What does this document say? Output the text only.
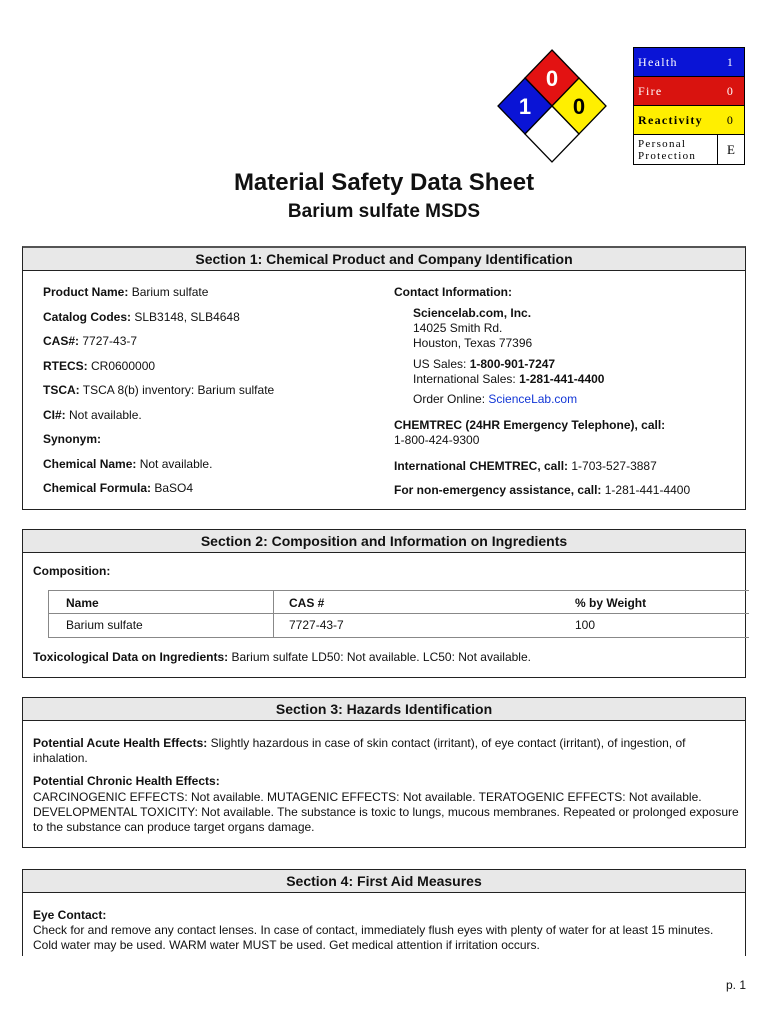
0
1 0
Health	1
Fire	0
Reactivity	0
Personal
Protection	E
Material Safety Data Sheet
Barium sulfate MSDS
Section 1: Chemical Product and Company Identification
Product Name: Barium sulfate
Catalog Codes: SLB3148, SLB4648
CAS#: 7727-43-7
RTECS: CR0600000
TSCA: TSCA 8(b) inventory: Barium sulfate
CI#: Not available.
Synonym:
Chemical Name: Not available.
Chemical Formula: BaSO4
Contact Information:
Sciencelab.com, Inc.
14025 Smith Rd.
Houston, Texas 77396
US Sales: 1-800-901-7247
International Sales: 1-281-441-4400
Order Online: ScienceLab.com
CHEMTREC (24HR Emergency Telephone), call:
1-800-424-9300
International CHEMTREC, call: 1-703-527-3887
For non-emergency assistance, call: 1-281-441-4400
Section 2: Composition and Information on Ingredients
Composition:
Name	CAS #	% by Weight
Barium sulfate	7727-43-7	100
Toxicological Data on Ingredients: Barium sulfate LD50: Not available. LC50: Not available.
Section 3: Hazards Identification
Potential Acute Health Effects: Slightly hazardous in case of skin contact (irritant), of eye contact (irritant), of ingestion, of inhalation.
Potential Chronic Health Effects:
CARCINOGENIC EFFECTS: Not available. MUTAGENIC EFFECTS: Not available. TERATOGENIC EFFECTS: Not available. DEVELOPMENTAL TOXICITY: Not available. The substance is toxic to lungs, mucous membranes. Repeated or prolonged exposure to the substance can produce target organs damage.
Section 4: First Aid Measures
Eye Contact:
Check for and remove any contact lenses. In case of contact, immediately flush eyes with plenty of water for at least 15 minutes. Cold water may be used. WARM water MUST be used. Get medical attention if irritation occurs.
p. 1
